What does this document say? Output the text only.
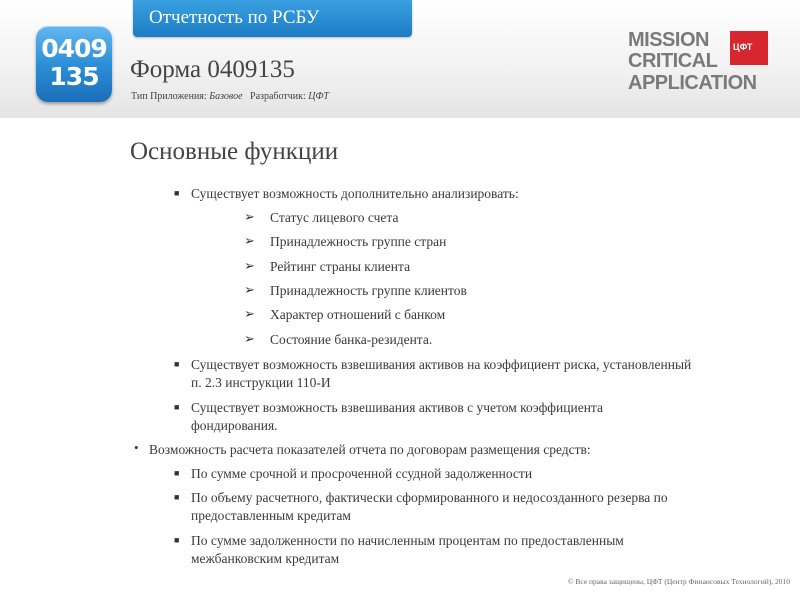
Отчетность по РСБУ
0409
135	Форма 0409135
Тип Приложения: Базовое Разработчик: ЦФТ
MISSION
CRITICAL
APPLICATION
ЦФТ
Основные функции
■ Существует возможность дополнительно анализировать:
➢ Статус лицевого счета
➢ Принадлежность группе стран
➢ Рейтинг страны клиента
➢ Принадлежность группе клиентов
➢ Характер отношений с банком
➢ Состояние банка-резидента.
■ Существует возможность взвешивания активов на коэффициент риска, установленный
п. 2.3 инструкции 110-И
■ Существует возможность взвешивания активов с учетом коэффициента
фондирования.
• Возможность расчета показателей отчета по договорам размещения средств:
■ По сумме срочной и просроченной ссудной задолженности
■ По объему расчетного, фактически сформированного и недосозданного резерва по
предоставленным кредитам
■ По сумме задолженности по начисленным процентам по предоставленным
межбанковским кредитам
© Все права защищены, ЦФТ (Центр Финансовых Технологий), 2010
